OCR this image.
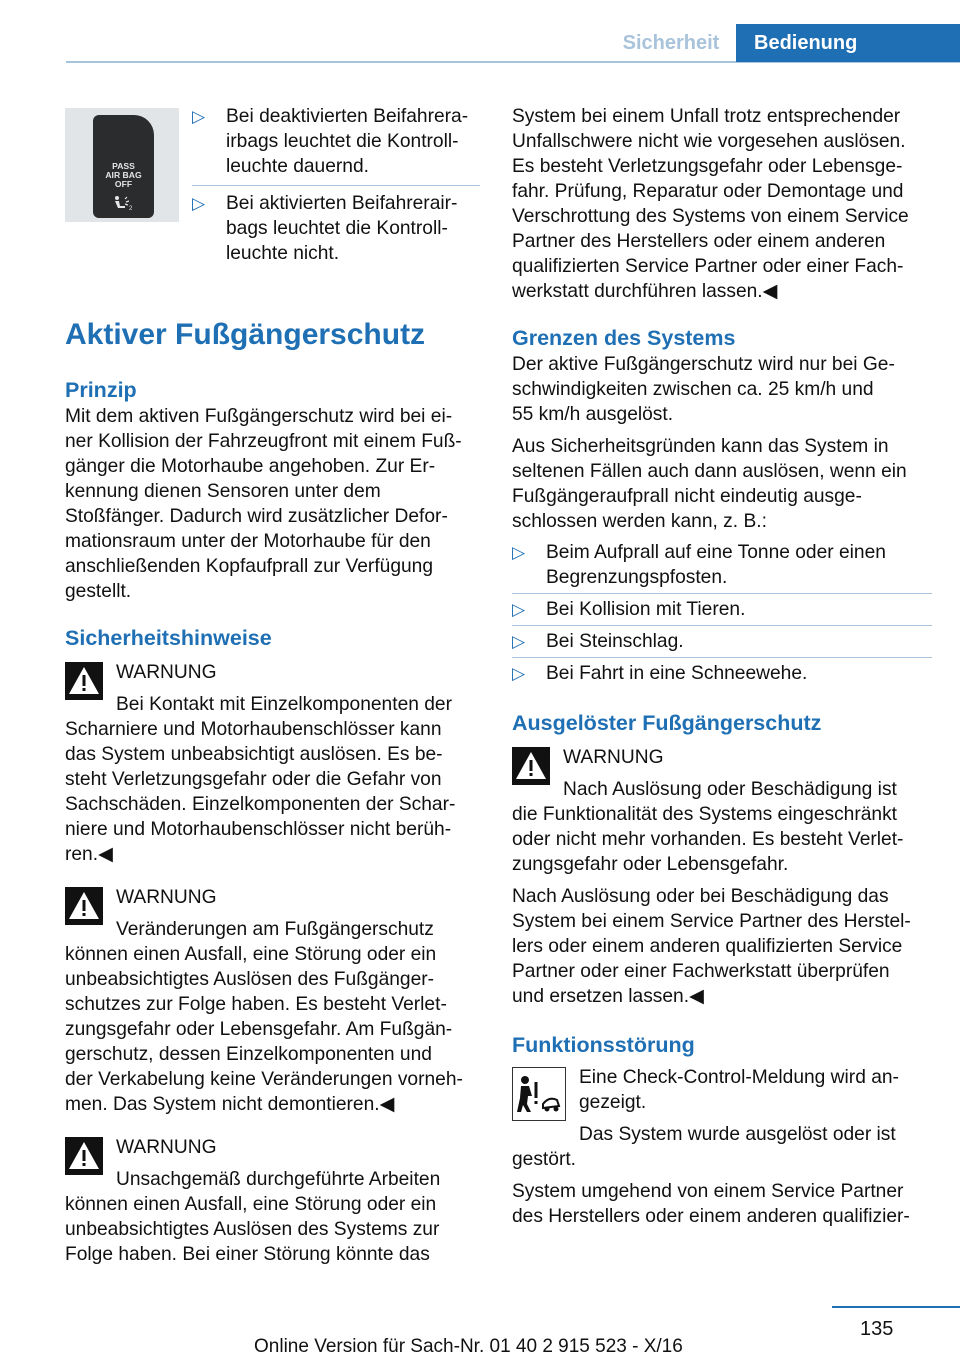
Sicherheit	Bedienung
PASS
AIR BAG
OFF
2
▷ Bei deaktivierten Beifahrera-
irbags leuchtet die Kontroll-
leuchte dauernd.

▷ Bei aktivierten Beifahrerair-
bags leuchtet die Kontroll-
leuchte nicht.

Aktiver Fußgängerschutz
Prinzip

Mit dem aktiven Fußgängerschutz wird bei ei-
ner Kollision der Fahrzeugfront mit einem Fuß-
gänger die Motorhaube angehoben. Zur Er-
kennung dienen Sensoren unter dem
Stoßfänger. Dadurch wird zusätzlicher Defor-
mationsraum unter der Motorhaube für den
anschließenden Kopfaufprall zur Verfügung
gestellt.

Sicherheitshinweise

WARNUNG

Bei Kontakt mit Einzelkomponenten der

Scharniere und Motorhaubenschlösser kann
das System unbeabsichtigt auslösen. Es be-
steht Verletzungsgefahr oder die Gefahr von
Sachschäden. Einzelkomponenten der Schar-
niere und Motorhaubenschlösser nicht berüh-
ren.◀

WARNUNG

Veränderungen am Fußgängerschutz

können einen Ausfall, eine Störung oder ein
unbeabsichtigtes Auslösen des Fußgänger-
schutzes zur Folge haben. Es besteht Verlet-
zungsgefahr oder Lebensgefahr. Am Fußgän-
gerschutz, dessen Einzelkomponenten und
der Verkabelung keine Veränderungen vorneh-
men. Das System nicht demontieren.◀

WARNUNG

Unsachgemäß durchgeführte Arbeiten

können einen Ausfall, eine Störung oder ein
unbeabsichtigtes Auslösen des Systems zur
Folge haben. Bei einer Störung könnte das

System bei einem Unfall trotz entsprechender
Unfallschwere nicht wie vorgesehen auslösen.
Es besteht Verletzungsgefahr oder Lebensge-
fahr. Prüfung, Reparatur oder Demontage und
Verschrottung des Systems von einem Service
Partner des Herstellers oder einem anderen
qualifizierten Service Partner oder einer Fach-
werkstatt durchführen lassen.◀

Grenzen des Systems

Der aktive Fußgängerschutz wird nur bei Ge-
schwindigkeiten zwischen ca. 25 km/h und
55 km/h ausgelöst.

Aus Sicherheitsgründen kann das System in
seltenen Fällen auch dann auslösen, wenn ein
Fußgängeraufprall nicht eindeutig ausge-
schlossen werden kann, z. B.:

▷ Beim Aufprall auf eine Tonne oder einen
Begrenzungspfosten.

▷ Bei Kollision mit Tieren.

▷ Bei Steinschlag.

▷ Bei Fahrt in eine Schneewehe.

Ausgelöster Fußgängerschutz

WARNUNG

Nach Auslösung oder Beschädigung ist

die Funktionalität des Systems eingeschränkt
oder nicht mehr vorhanden. Es besteht Verlet-
zungsgefahr oder Lebensgefahr.

Nach Auslösung oder bei Beschädigung das
System bei einem Service Partner des Herstel-
lers oder einem anderen qualifizierten Service
Partner oder einer Fachwerkstatt überprüfen
und ersetzen lassen.◀

Funktionsstörung

Eine Check-Control-Meldung wird an-

gezeigt.

Das System wurde ausgelöst oder ist

gestört.

System umgehend von einem Service Partner
des Herstellers oder einem anderen qualifizier-

135
Online Version für Sach-Nr. 01 40 2 915 523 - X/16
